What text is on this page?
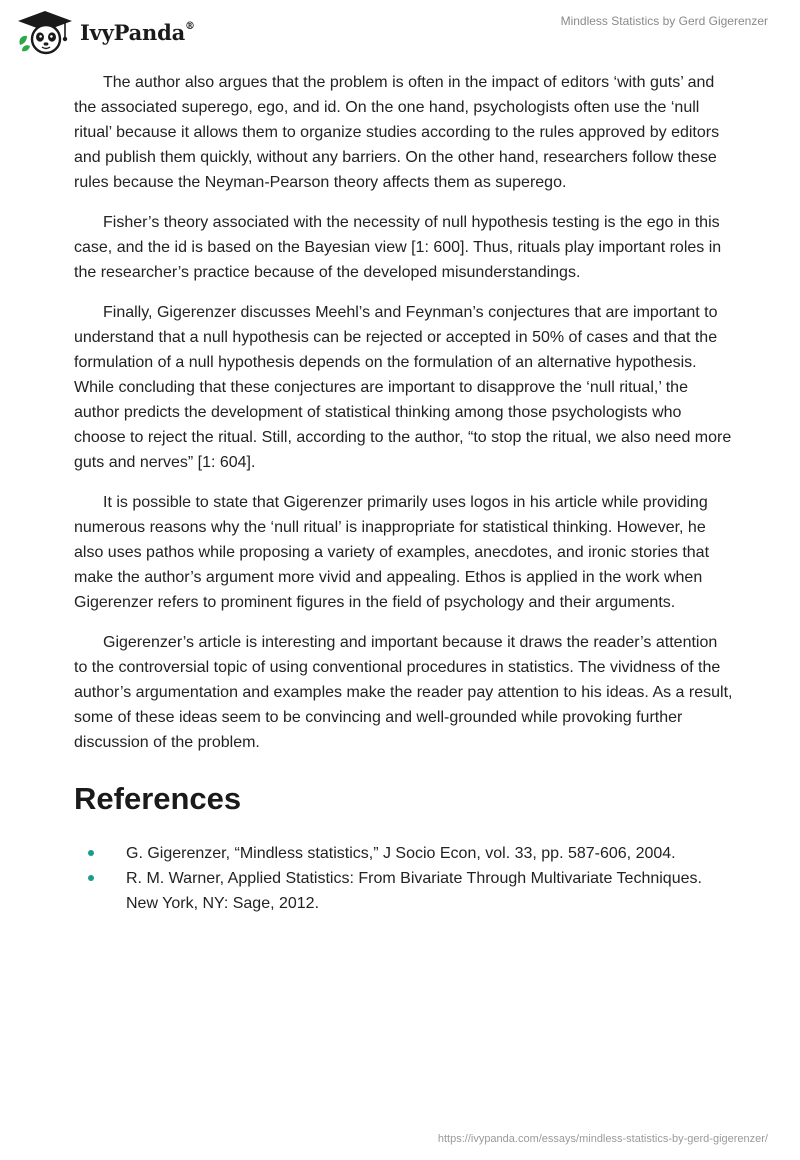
IvyPanda®	Mindless Statistics by Gerd Gigerenzer

The author also argues that the problem is often in the impact of editors ‘with guts’ and the associated superego, ego, and id. On the one hand, psychologists often use the ‘null ritual’ because it allows them to organize studies according to the rules approved by editors and publish them quickly, without any barriers. On the other hand, researchers follow these rules because the Neyman-Pearson theory affects them as superego.

Fisher’s theory associated with the necessity of null hypothesis testing is the ego in this case, and the id is based on the Bayesian view [1: 600]. Thus, rituals play important roles in the researcher’s practice because of the developed misunderstandings.

Finally, Gigerenzer discusses Meehl’s and Feynman’s conjectures that are important to understand that a null hypothesis can be rejected or accepted in 50% of cases and that the formulation of a null hypothesis depends on the formulation of an alternative hypothesis. While concluding that these conjectures are important to disapprove the ‘null ritual,’ the author predicts the development of statistical thinking among those psychologists who choose to reject the ritual. Still, according to the author, “to stop the ritual, we also need more guts and nerves” [1: 604].

It is possible to state that Gigerenzer primarily uses logos in his article while providing numerous reasons why the ‘null ritual’ is inappropriate for statistical thinking. However, he also uses pathos while proposing a variety of examples, anecdotes, and ironic stories that make the author’s argument more vivid and appealing. Ethos is applied in the work when Gigerenzer refers to prominent figures in the field of psychology and their arguments.

Gigerenzer’s article is interesting and important because it draws the reader’s attention to the controversial topic of using conventional procedures in statistics. The vividness of the author’s argumentation and examples make the reader pay attention to his ideas. As a result, some of these ideas seem to be convincing and well-grounded while provoking further discussion of the problem.

References
G. Gigerenzer, “Mindless statistics,” J Socio Econ, vol. 33, pp. 587-606, 2004.
R. M. Warner, Applied Statistics: From Bivariate Through Multivariate Techniques. New York, NY: Sage, 2012.
https://ivypanda.com/essays/mindless-statistics-by-gerd-gigerenzer/
